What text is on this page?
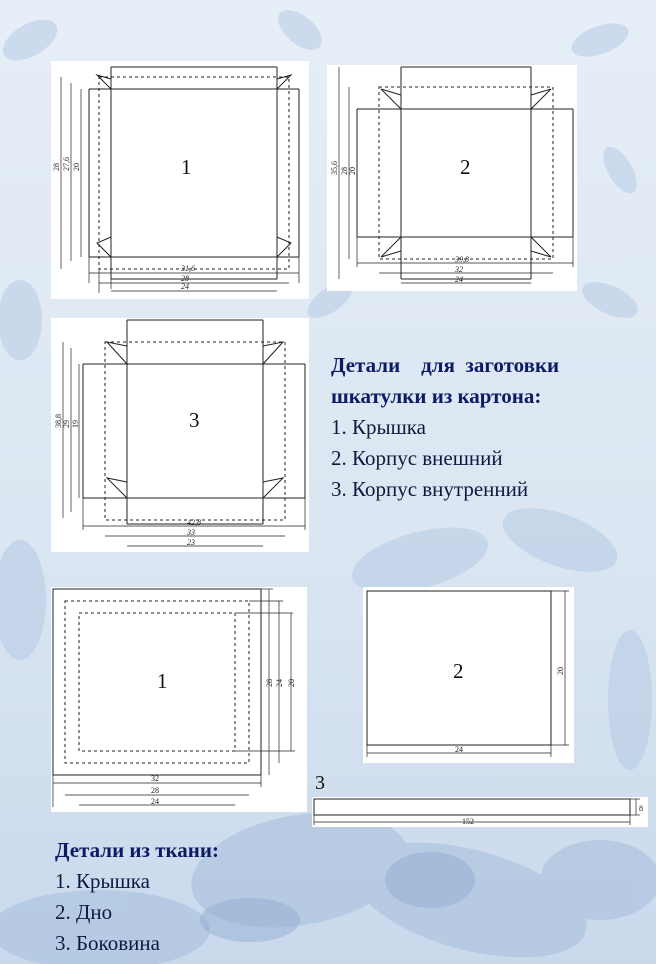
31,6
28
24
28 27,6 20	1
39,8
32
24
35,6 28 20	2
42,8
33
23
38,8 29 19	3
Детали    для  заготовки
шкатулки из картона:
1. Крышка
2. Корпус внешний
3. Корпус внутренний
32
28
24
28 24 20
1
24
20
2
3
152
8
Детали из ткани:
1. Крышка
2. Дно
3. Боковина
